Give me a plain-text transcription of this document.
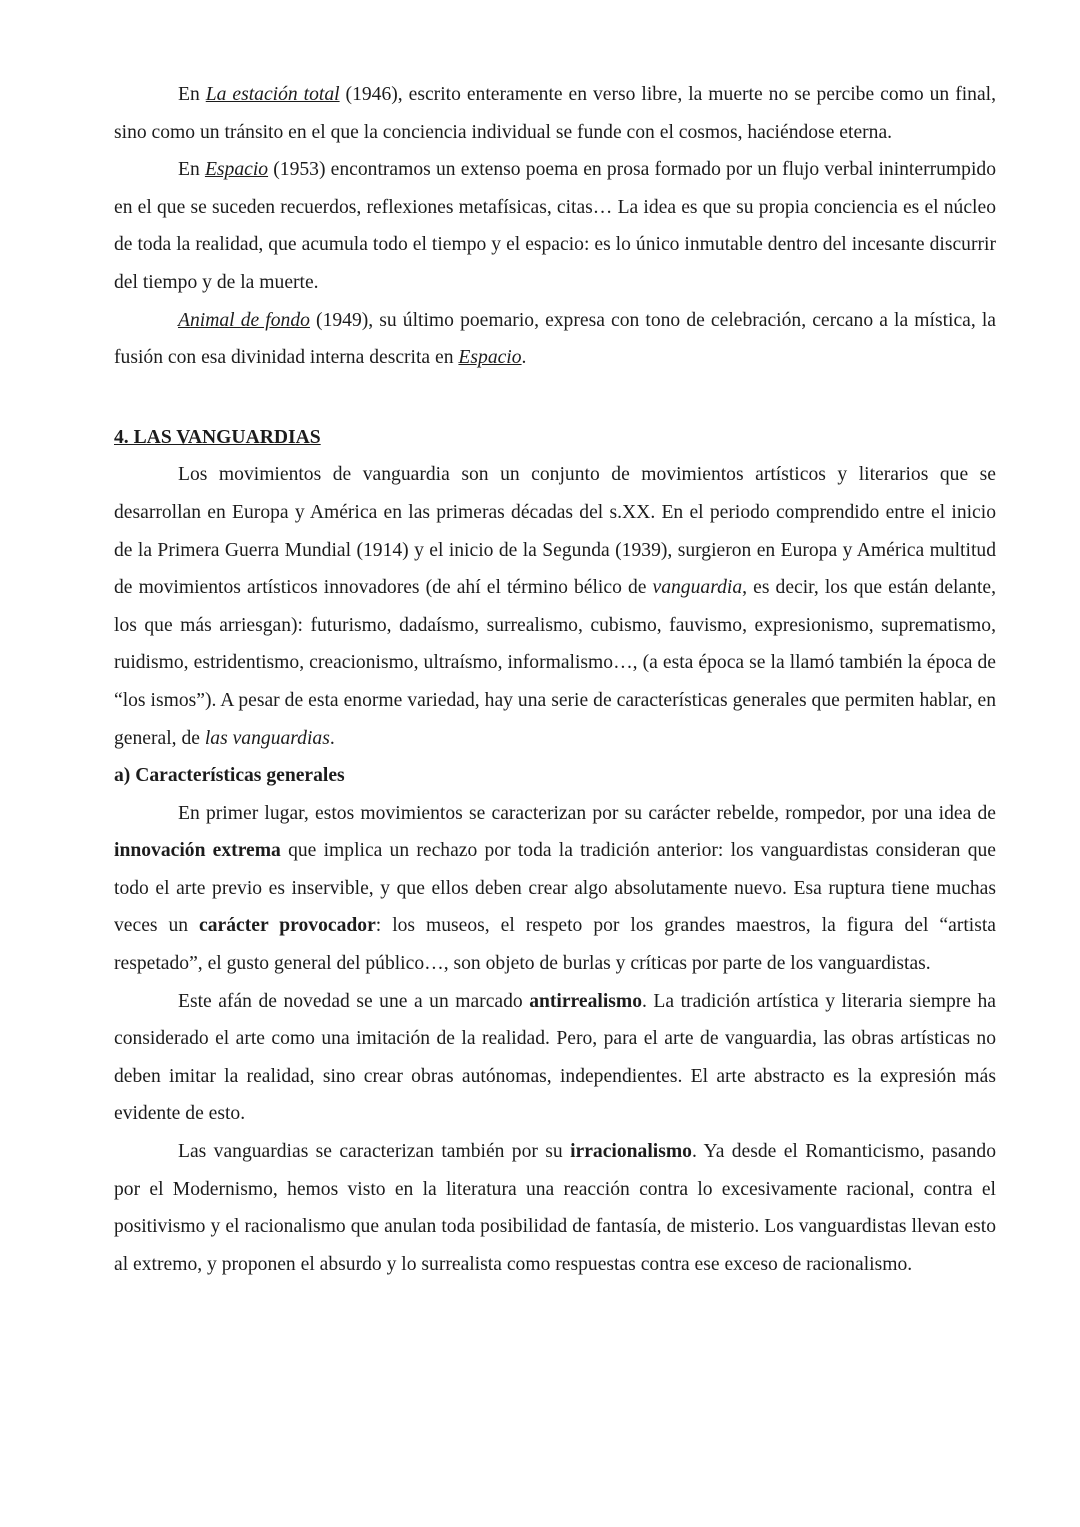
En La estación total (1946), escrito enteramente en verso libre, la muerte no se percibe como un final, sino como un tránsito en el que la conciencia individual se funde con el cosmos, haciéndose eterna.

En Espacio (1953) encontramos un extenso poema en prosa formado por un flujo verbal ininterrumpido en el que se suceden recuerdos, reflexiones metafísicas, citas… La idea es que su propia conciencia es el núcleo de toda la realidad, que acumula todo el tiempo y el espacio: es lo único inmutable dentro del incesante discurrir del tiempo y de la muerte.

Animal de fondo (1949), su último poemario, expresa con tono de celebración, cercano a la mística, la fusión con esa divinidad interna descrita en Espacio.

4. LAS VANGUARDIAS

Los movimientos de vanguardia son un conjunto de movimientos artísticos y literarios que se desarrollan en Europa y América en las primeras décadas del s.XX. En el periodo comprendido entre el inicio de la Primera Guerra Mundial (1914) y el inicio de la Segunda (1939), surgieron en Europa y América multitud de movimientos artísticos innovadores (de ahí el término bélico de vanguardia, es decir, los que están delante, los que más arriesgan): futurismo, dadaísmo, surrealismo, cubismo, fauvismo, expresionismo, suprematismo, ruidismo, estridentismo, creacionismo, ultraísmo, informalismo…, (a esta época se la llamó también la época de “los ismos”). A pesar de esta enorme variedad, hay una serie de características generales que permiten hablar, en general, de las vanguardias.

a) Características generales

En primer lugar, estos movimientos se caracterizan por su carácter rebelde, rompedor, por una idea de innovación extrema que implica un rechazo por toda la tradición anterior: los vanguardistas consideran que todo el arte previo es inservible, y que ellos deben crear algo absolutamente nuevo. Esa ruptura tiene muchas veces un carácter provocador: los museos, el respeto por los grandes maestros, la figura del “artista respetado”, el gusto general del público…, son objeto de burlas y críticas por parte de los vanguardistas.

Este afán de novedad se une a un marcado antirrealismo. La tradición artística y literaria siempre ha considerado el arte como una imitación de la realidad. Pero, para el arte de vanguardia, las obras artísticas no deben imitar la realidad, sino crear obras autónomas, independientes. El arte abstracto es la expresión más evidente de esto.

Las vanguardias se caracterizan también por su irracionalismo. Ya desde el Romanticismo, pasando por el Modernismo, hemos visto en la literatura una reacción contra lo excesivamente racional, contra el positivismo y el racionalismo que anulan toda posibilidad de fantasía, de misterio. Los vanguardistas llevan esto al extremo, y proponen el absurdo y lo surrealista como respuestas contra ese exceso de racionalismo.
